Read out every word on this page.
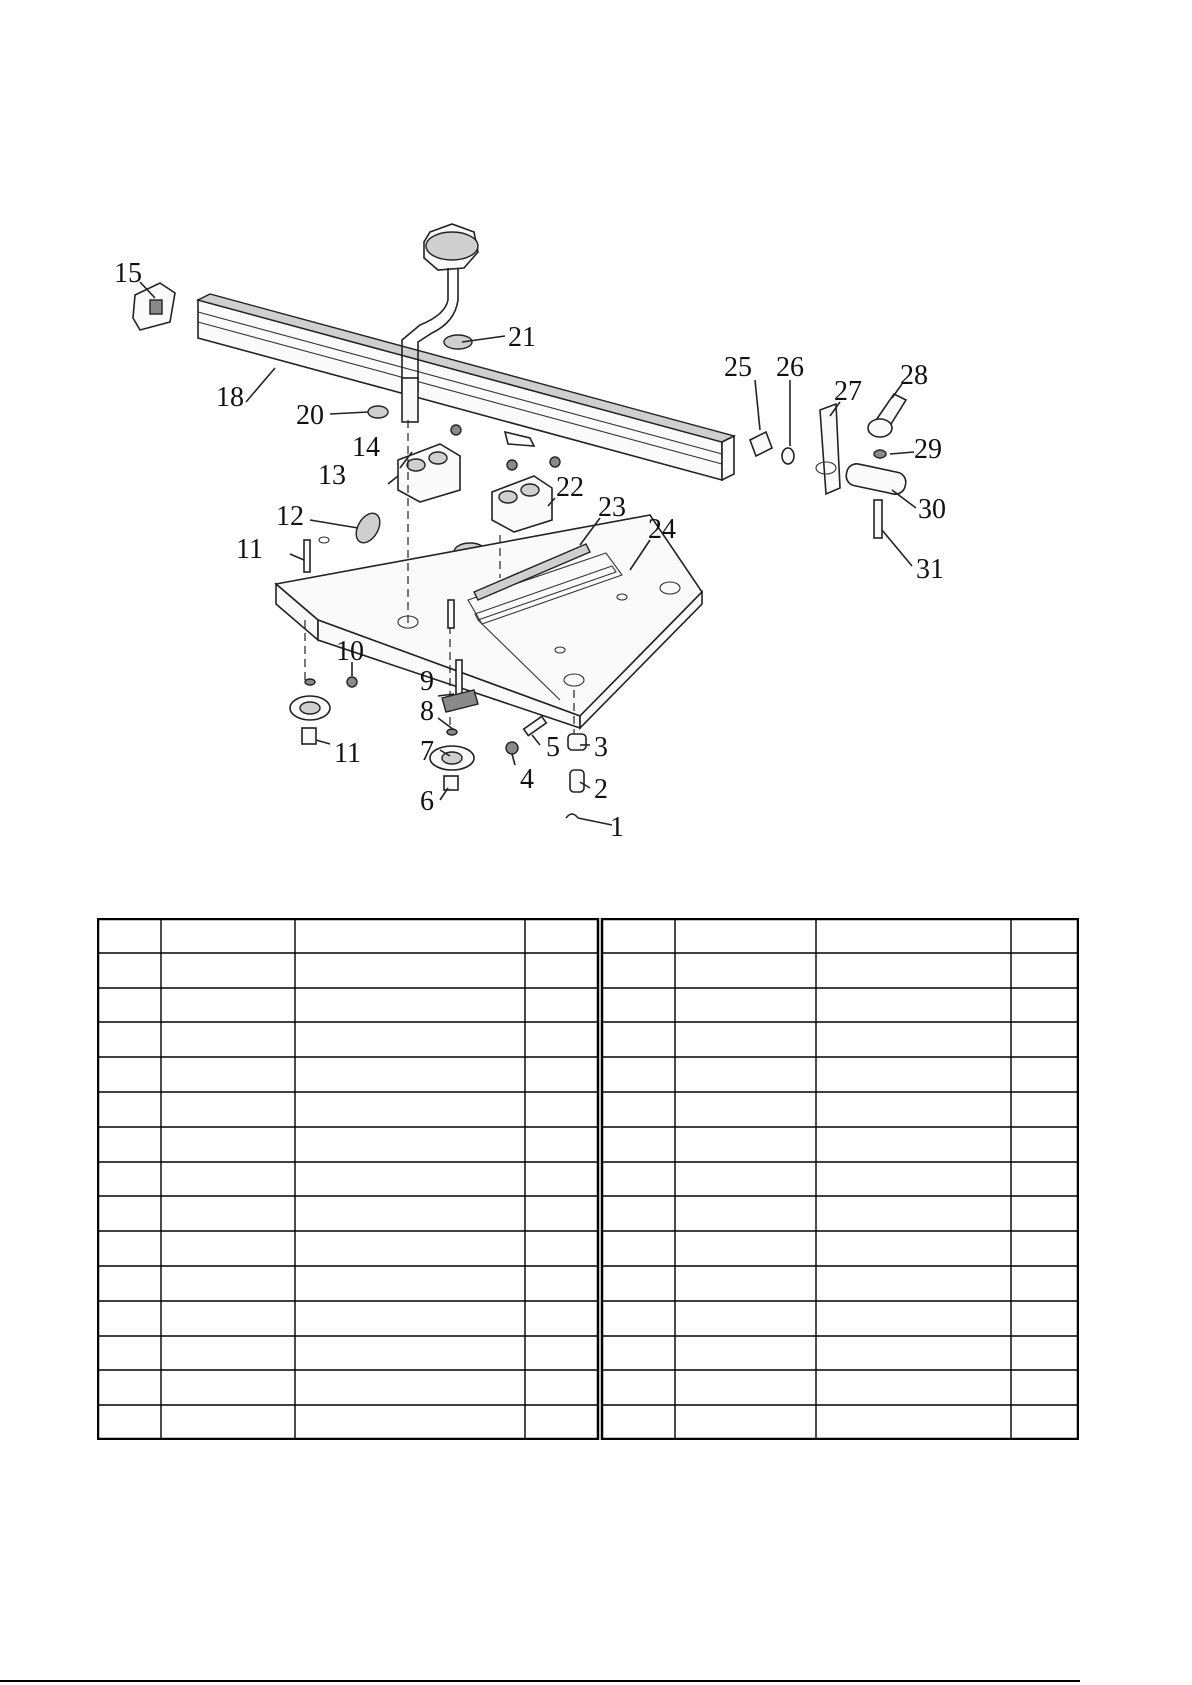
15
18
20
21
14
13
12
11
22
23
24
10
9
8
11 7
6
4
5 3
2
1
25 26
27
28
29
30
31
